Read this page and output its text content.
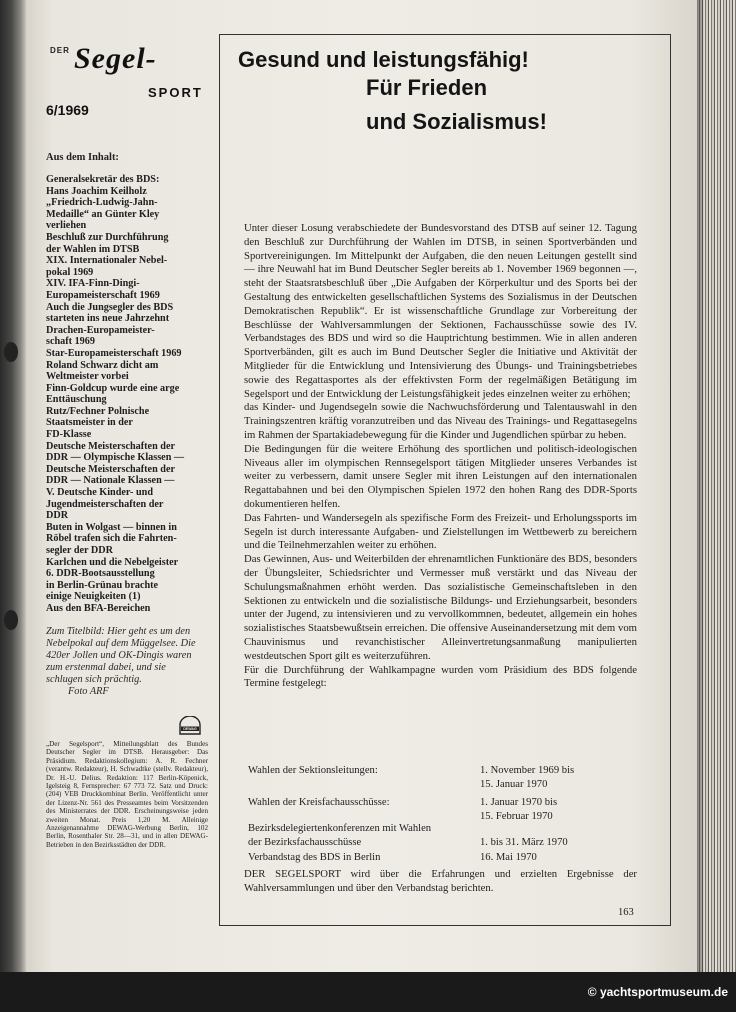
DER Segel-
SPORT
6/1969
Aus dem Inhalt:
Generalsekretär des BDS:
Hans Joachim Keilholz
„Friedrich-Ludwig-Jahn-
Medaille“ an Günter Kley
verliehen
Beschluß zur Durchführung
der Wahlen im DTSB
XIX. Internationaler Nebel-
pokal 1969
XIV. IFA-Finn-Dingi-
Europameisterschaft 1969
Auch die Jungsegler des BDS
starteten ins neue Jahrzehnt
Drachen-Europameister-
schaft 1969
Star-Europameisterschaft 1969
Roland Schwarz dicht am
Weltmeister vorbei
Finn-Goldcup wurde eine arge
Enttäuschung
Rutz/Fechner Polnische
Staatsmeister in der
FD-Klasse
Deutsche Meisterschaften der
DDR — Olympische Klassen —
Deutsche Meisterschaften der
DDR — Nationale Klassen —
V. Deutsche Kinder- und
Jugendmeisterschaften der
DDR
Buten in Wolgast — binnen in
Röbel trafen sich die Fahrten-
segler der DDR
Karlchen und die Nebelgeister
6. DDR-Bootsausstellung
in Berlin-Grünau brachte
einige Neuigkeiten (1)
Aus den BFA-Bereichen
Zum Titelbild: Hier geht es um den Nebelpokal auf dem Müggelsee. Die 420er Jollen und OK-Dingis waren zum erstenmal dabei, und sie schlugen sich prächtig. Foto ARF
DEWAG
„Der Segelsport“, Mitteilungsblatt des Bundes Deutscher Segler im DTSB. Herausgeber: Das Präsidium. Redaktionskollegium: A. R. Fechner (verantw. Redakteur), H. Schwadtke (stellv. Redakteur), Dr. H.-U. Delius. Redaktion: 117 Berlin-Köpenick, Igelsteig 8, Fernsprecher: 67 773 72. Satz und Druck: (204) VEB Druckkombinat Berlin. Veröffentlicht unter der Lizenz-Nr. 561 des Presseamtes beim Vorsitzenden des Ministerrates der DDR. Erscheinungsweise jeden zweiten Monat. Preis 1,20 M. Alleinige Anzeigenannahme DEWAG-Werbung Berlin, 102 Berlin, Rosenthaler Str. 28—31, und in allen DEWAG-Betrieben in den Bezirksstädten der DDR.
Gesund und leistungsfähig!
Für Frieden
und Sozialismus!

Unter dieser Losung verabschiedete der Bundesvorstand des DTSB auf seiner 12. Tagung den Beschluß zur Durchführung der Wahlen im DTSB, in seinen Sportverbänden und Sportvereinigungen. Im Mittelpunkt der Aufgaben, die den neuen Leitungen gestellt sind — ihre Neuwahl hat im Bund Deutscher Segler bereits ab 1. November 1969 begonnen —, steht der Staatsratsbeschluß über „Die Aufgaben der Körperkultur und des Sports bei der Gestaltung des entwickelten gesellschaftlichen Systems des Sozialismus in der Deutschen Demokratischen Republik“. Er ist wissenschaftliche Grundlage zur Vorbereitung der Beschlüsse der Wahlversammlungen der Sektionen, Fachausschüsse sowie des IV. Verbandstages des BDS und wird so die Hauptrichtung bestimmen. Wie in allen anderen Sportverbänden, gilt es auch im Bund Deutscher Segler die Initiative und Aktivität der Mitglieder für die Entwicklung und Intensivierung des Übungs- und Trainingsbetriebes sowie des Regattasportes als der effektivsten Form der regelmäßigen Betätigung im Segelsport und der Entwicklung der Leistungsfähigkeit jedes einzelnen weiter zu erhöhen;

das Kinder- und Jugendsegeln sowie die Nachwuchsförderung und Talentauswahl in den Trainingszentren kräftig voranzutreiben und das Niveau des Trainings- und Regattasegelns im Rahmen der Spartakiadebewegung für die Kinder und Jugendlichen spürbar zu heben.

Die Bedingungen für die weitere Erhöhung des sportlichen und politisch-ideologischen Niveaus aller im olympischen Rennsegelsport tätigen Mitglieder unseres Verbandes ist weiter zu verbessern, damit unsere Segler mit ihren Leistungen auf den internationalen Regattabahnen und bei den Olympischen Spielen 1972 den hohen Rang des DDR-Sports dokumentieren helfen.

Das Fahrten- und Wandersegeln als spezifische Form des Freizeit- und Erholungssports im Segeln ist durch interessante Aufgaben- und Zielstellungen im Wettbewerb zu bereichern und die Teilnehmerzahlen weiter zu erhöhen.

Das Gewinnen, Aus- und Weiterbilden der ehrenamtlichen Funktionäre des BDS, besonders der Übungsleiter, Schiedsrichter und Vermesser muß verstärkt und das Niveau der Schulungsmaßnahmen erhöht werden. Das sozialistische Gemeinschaftsleben in den Sektionen zu entwickeln und die sozialistische Bildungs- und Erziehungsarbeit, besonders unter der Jugend, zu intensivieren und zu vervollkommnen, bedeutet, allgemein ein hohes sozialistisches Staatsbewußtsein erreichen. Die offensive Auseinandersetzung mit dem vom Chauvinismus und revanchistischer Alleinvertretungsanmaßung manipulierten westdeutschen Sport gilt es weiterzuführen.

Für die Durchführung der Wahlkampagne wurden vom Präsidium des BDS folgende Termine festgelegt:

Wahlen der Sektionsleitungen:	1. November 1969 bis
15. Januar 1970
Wahlen der Kreisfachausschüsse:	1. Januar 1970 bis
15. Februar 1970
Bezirksdelegiertenkonferenzen mit Wahlen
der Bezirksfachausschüsse	1. bis 31. März 1970
Verbandstag des BDS in Berlin	16. Mai 1970
DER SEGELSPORT wird über die Erfahrungen und erzielten Ergebnisse der Wahlversammlungen und über den Verbandstag berichten.
163
© yachtsportmuseum.de
